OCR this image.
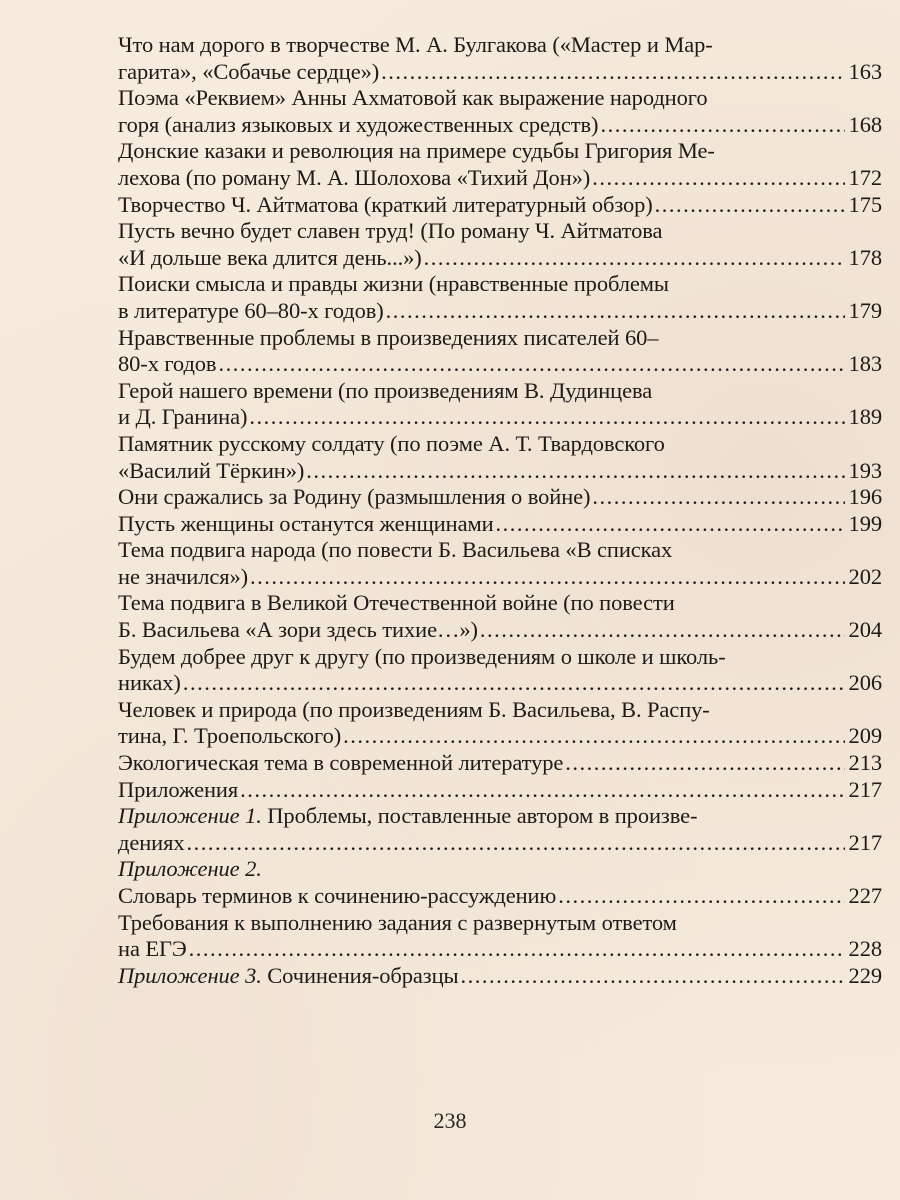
Что нам дорого в творчестве М. А. Булгакова («Мастер и Мар-
гарита», «Собачье сердце») .....	163
Поэма «Реквием» Анны Ахматовой как выражение народного
горя (анализ языковых и художественных средств) .....	168
Донские казаки и революция на примере судьбы Григория Ме-
лехова (по роману М. А. Шолохова «Тихий Дон») .....	172
Творчество Ч. Айтматова (краткий литературный обзор) .....	175
Пусть вечно будет славен труд! (По роману Ч. Айтматова
«И дольше века длится день...») .....	178
Поиски смысла и правды жизни (нравственные проблемы
в литературе 60–80-х годов) .....	179
Нравственные проблемы в произведениях писателей 60–
80-х годов .....	183
Герой нашего времени (по произведениям В. Дудинцева
и Д. Гранина) .....	189
Памятник русскому солдату (по поэме А. Т. Твардовского
«Василий Тёркин») .....	193
Они сражались за Родину (размышления о войне) .....	196
Пусть женщины останутся женщинами .....	199
Тема подвига народа (по повести Б. Васильева «В списках
не значился») .....	202
Тема подвига в Великой Отечественной войне (по повести
Б. Васильева «А зори здесь тихие…») .....	204
Будем добрее друг к другу (по произведениям о школе и школь-
никах) .....	206
Человек и природа (по произведениям Б. Васильева, В. Распу-
тина, Г. Троепольского) .....	209
Экологическая тема в современной литературе .....	213
Приложения .....	217
Приложение 1. Проблемы, поставленные автором в произве-
дениях .....	217
Приложение 2.
Словарь терминов к сочинению-рассуждению .....	227
Требования к выполнению задания с развернутым ответом
на ЕГЭ .....	228
Приложение 3. Сочинения-образцы .....	229
238
